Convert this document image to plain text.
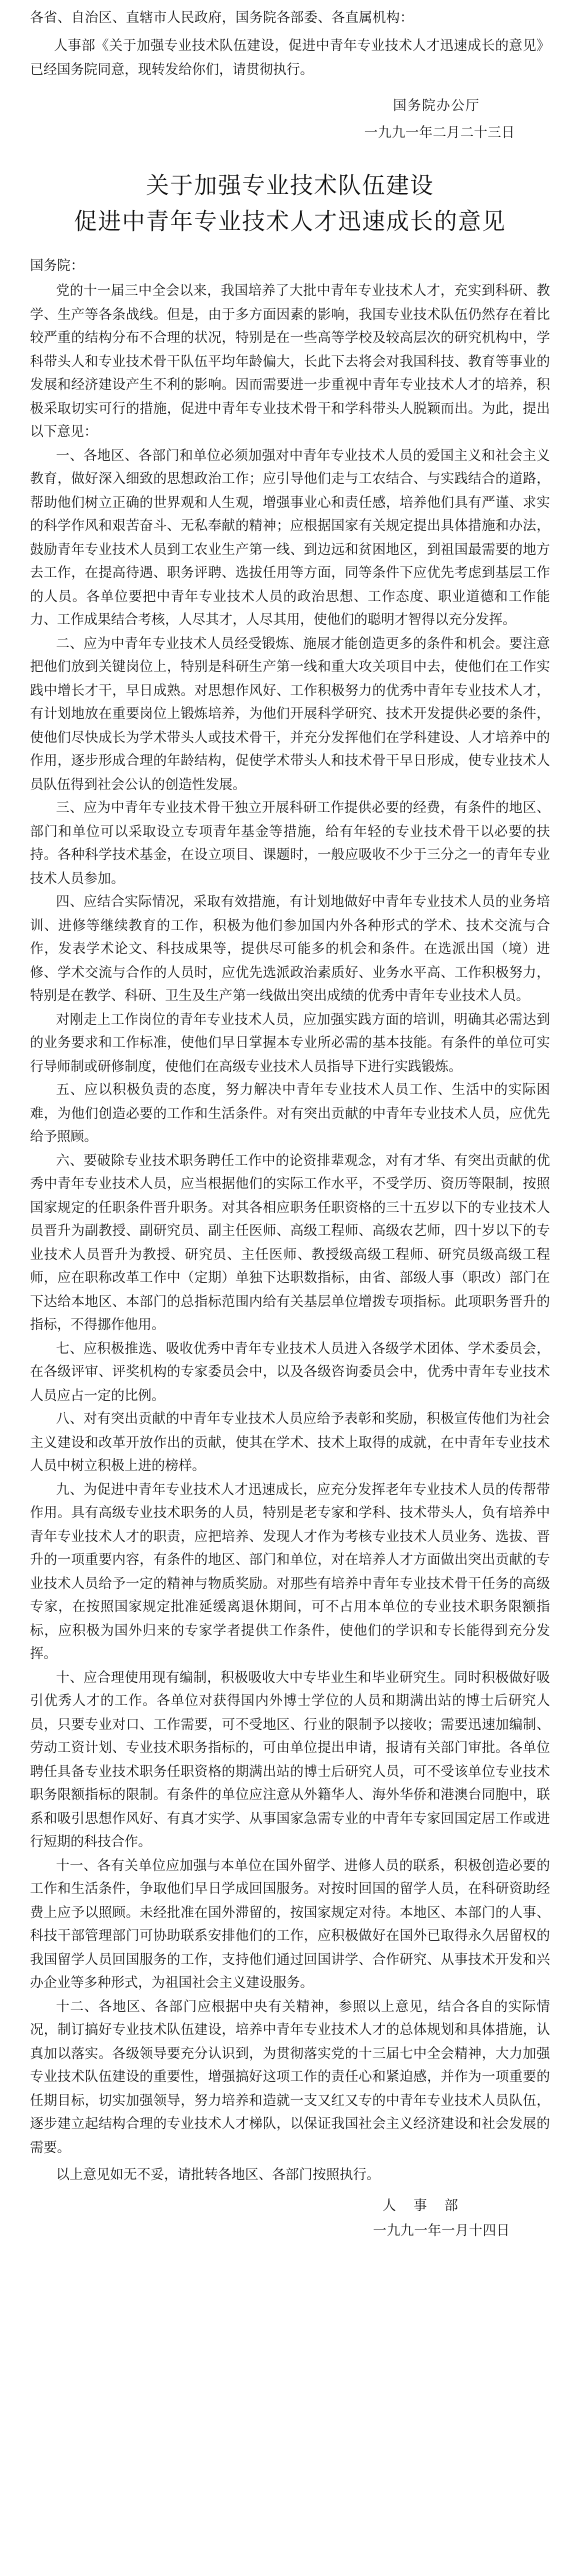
各省、自治区、直辖市人民政府，国务院各部委、各直属机构：

人事部《关于加强专业技术队伍建设，促进中青年专业技术人才迅速成长的意见》已经国务院同意，现转发给你们，请贯彻执行。

国务院办公厅

一九九一年二月二十三日

关于加强专业技术队伍建设
促进中青年专业技术人才迅速成长的意见

国务院：

党的十一届三中全会以来，我国培养了大批中青年专业技术人才，充实到科研、教学、生产等各条战线。但是，由于多方面因素的影响，我国专业技术队伍仍然存在着比较严重的结构分布不合理的状况，特别是在一些高等学校及较高层次的研究机构中，学科带头人和专业技术骨干队伍平均年龄偏大，长此下去将会对我国科技、教育等事业的发展和经济建设产生不利的影响。因而需要进一步重视中青年专业技术人才的培养，积极采取切实可行的措施，促进中青年专业技术骨干和学科带头人脱颖而出。为此，提出以下意见：

一、各地区、各部门和单位必须加强对中青年专业技术人员的爱国主义和社会主义教育，做好深入细致的思想政治工作；应引导他们走与工农结合、与实践结合的道路，帮助他们树立正确的世界观和人生观，增强事业心和责任感，培养他们具有严谨、求实的科学作风和艰苦奋斗、无私奉献的精神；应根据国家有关规定提出具体措施和办法，鼓励青年专业技术人员到工农业生产第一线、到边远和贫困地区，到祖国最需要的地方去工作，在提高待遇、职务评聘、选拔任用等方面，同等条件下应优先考虑到基层工作的人员。各单位要把中青年专业技术人员的政治思想、工作态度、职业道德和工作能力、工作成果结合考核，人尽其才，人尽其用，使他们的聪明才智得以充分发挥。

二、应为中青年专业技术人员经受锻炼、施展才能创造更多的条件和机会。要注意把他们放到关键岗位上，特别是科研生产第一线和重大攻关项目中去，使他们在工作实践中增长才干，早日成熟。对思想作风好、工作积极努力的优秀中青年专业技术人才，有计划地放在重要岗位上锻炼培养，为他们开展科学研究、技术开发提供必要的条件，使他们尽快成长为学术带头人或技术骨干，并充分发挥他们在学科建设、人才培养中的作用，逐步形成合理的年龄结构，促使学术带头人和技术骨干早日形成，使专业技术人员队伍得到社会公认的创造性发展。

三、应为中青年专业技术骨干独立开展科研工作提供必要的经费，有条件的地区、部门和单位可以采取设立专项青年基金等措施，给有年轻的专业技术骨干以必要的扶持。各种科学技术基金，在设立项目、课题时，一般应吸收不少于三分之一的青年专业技术人员参加。

四、应结合实际情况，采取有效措施，有计划地做好中青年专业技术人员的业务培训、进修等继续教育的工作，积极为他们参加国内外各种形式的学术、技术交流与合作，发表学术论文、科技成果等，提供尽可能多的机会和条件。在选派出国（境）进修、学术交流与合作的人员时，应优先选派政治素质好、业务水平高、工作积极努力，特别是在教学、科研、卫生及生产第一线做出突出成绩的优秀中青年专业技术人员。

对刚走上工作岗位的青年专业技术人员，应加强实践方面的培训，明确其必需达到的业务要求和工作标准，使他们早日掌握本专业所必需的基本技能。有条件的单位可实行导师制或研修制度，使他们在高级专业技术人员指导下进行实践锻炼。

五、应以积极负责的态度，努力解决中青年专业技术人员工作、生活中的实际困难，为他们创造必要的工作和生活条件。对有突出贡献的中青年专业技术人员，应优先给予照顾。

六、要破除专业技术职务聘任工作中的论资排辈观念，对有才华、有突出贡献的优秀中青年专业技术人员，应当根据他们的实际工作水平，不受学历、资历等限制，按照国家规定的任职条件晋升职务。对其各相应职务任职资格的三十五岁以下的专业技术人员晋升为副教授、副研究员、副主任医师、高级工程师、高级农艺师，四十岁以下的专业技术人员晋升为教授、研究员、主任医师、教授级高级工程师、研究员级高级工程师，应在职称改革工作中（定期）单独下达职数指标，由省、部级人事（职改）部门在下达给本地区、本部门的总指标范围内给有关基层单位增拨专项指标。此项职务晋升的指标，不得挪作他用。

七、应积极推选、吸收优秀中青年专业技术人员进入各级学术团体、学术委员会，在各级评审、评奖机构的专家委员会中，以及各级咨询委员会中，优秀中青年专业技术人员应占一定的比例。

八、对有突出贡献的中青年专业技术人员应给予表彰和奖励，积极宣传他们为社会主义建设和改革开放作出的贡献，使其在学术、技术上取得的成就，在中青年专业技术人员中树立积极上进的榜样。

九、为促进中青年专业技术人才迅速成长，应充分发挥老年专业技术人员的传帮带作用。具有高级专业技术职务的人员，特别是老专家和学科、技术带头人，负有培养中青年专业技术人才的职责，应把培养、发现人才作为考核专业技术人员业务、选拔、晋升的一项重要内容，有条件的地区、部门和单位，对在培养人才方面做出突出贡献的专业技术人员给予一定的精神与物质奖励。对那些有培养中青年专业技术骨干任务的高级专家，在按照国家规定批准延缓离退休期间，可不占用本单位的专业技术职务限额指标，应积极为国外归来的专家学者提供工作条件，使他们的学识和专长能得到充分发挥。

十、应合理使用现有编制，积极吸收大中专毕业生和毕业研究生。同时积极做好吸引优秀人才的工作。各单位对获得国内外博士学位的人员和期满出站的博士后研究人员，只要专业对口、工作需要，可不受地区、行业的限制予以接收；需要迅速加编制、劳动工资计划、专业技术职务指标的，可由单位提出申请，报请有关部门审批。各单位聘任具备专业技术职务任职资格的期满出站的博士后研究人员，可不受该单位专业技术职务限额指标的限制。有条件的单位应注意从外籍华人、海外华侨和港澳台同胞中，联系和吸引思想作风好、有真才实学、从事国家急需专业的中青年专家回国定居工作或进行短期的科技合作。

十一、各有关单位应加强与本单位在国外留学、进修人员的联系，积极创造必要的工作和生活条件，争取他们早日学成回国服务。对按时回国的留学人员，在科研资助经费上应予以照顾。未经批准在国外滞留的，按国家规定对待。本地区、本部门的人事、科技干部管理部门可协助联系安排他们的工作，应积极做好在国外已取得永久居留权的我国留学人员回国服务的工作，支持他们通过回国讲学、合作研究、从事技术开发和兴办企业等多种形式，为祖国社会主义建设服务。

十二、各地区、各部门应根据中央有关精神，参照以上意见，结合各自的实际情况，制订搞好专业技术队伍建设，培养中青年专业技术人才的总体规划和具体措施，认真加以落实。各级领导要充分认识到，为贯彻落实党的十三届七中全会精神，大力加强专业技术队伍建设的重要性，增强搞好这项工作的责任心和紧迫感，并作为一项重要的任期目标，切实加强领导，努力培养和造就一支又红又专的中青年专业技术人员队伍，逐步建立起结构合理的专业技术人才梯队，以保证我国社会主义经济建设和社会发展的需要。

以上意见如无不妥，请批转各地区、各部门按照执行。

人　事　部

一九九一年一月十四日
